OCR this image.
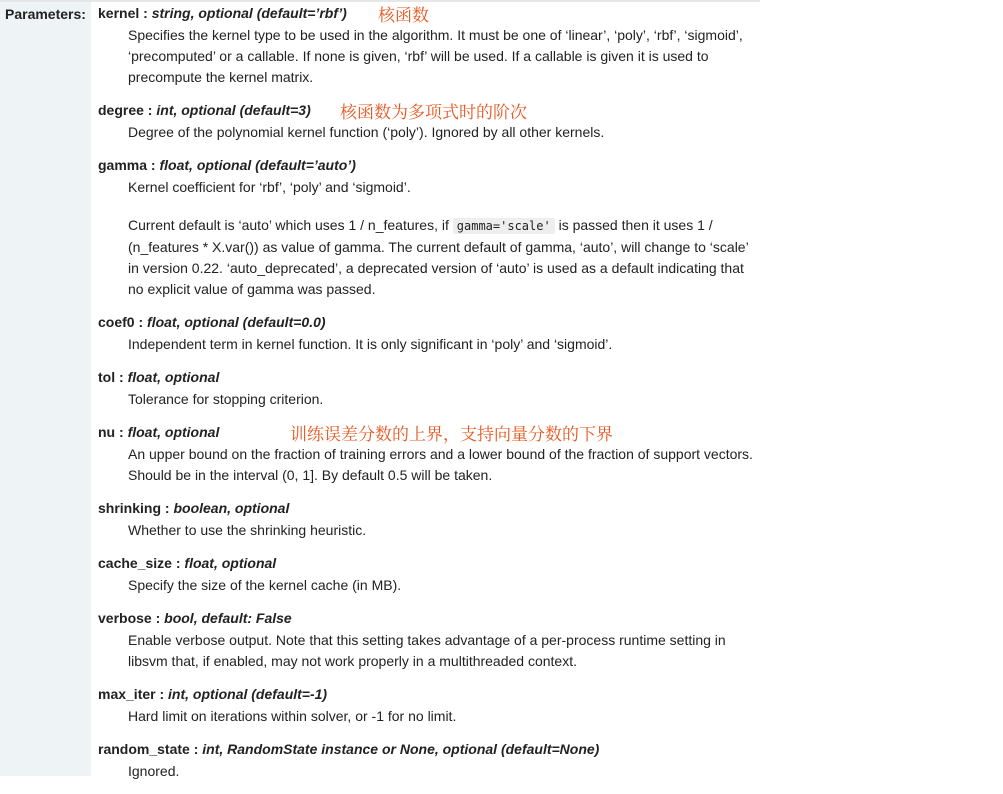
Parameters: kernel : string, optional (default=’rbf’)	核函数
Specifies the kernel type to be used in the algorithm. It must be one of ‘linear’, ‘poly’, ‘rbf’, ‘sigmoid’, ‘precomputed’ or a callable. If none is given, ‘rbf’ will be used. If a callable is given it is used to precompute the kernel matrix.
degree : int, optional (default=3)	核函数为多项式时的阶次
Degree of the polynomial kernel function (‘poly’). Ignored by all other kernels.
gamma : float, optional (default=’auto’)
Kernel coefficient for ‘rbf’, ‘poly’ and ‘sigmoid’.
Current default is ‘auto’ which uses 1 / n_features, if gamma='scale' is passed then it uses 1 / (n_features * X.var()) as value of gamma. The current default of gamma, ‘auto’, will change to ‘scale’ in version 0.22. ‘auto_deprecated’, a deprecated version of ‘auto’ is used as a default indicating that no explicit value of gamma was passed.
coef0 : float, optional (default=0.0)
Independent term in kernel function. It is only significant in ‘poly’ and ‘sigmoid’.
tol : float, optional
Tolerance for stopping criterion.
nu : float, optional	训练误差分数的上界，支持向量分数的下界
An upper bound on the fraction of training errors and a lower bound of the fraction of support vectors. Should be in the interval (0, 1]. By default 0.5 will be taken.
shrinking : boolean, optional
Whether to use the shrinking heuristic.
cache_size : float, optional
Specify the size of the kernel cache (in MB).
verbose : bool, default: False
Enable verbose output. Note that this setting takes advantage of a per-process runtime setting in libsvm that, if enabled, may not work properly in a multithreaded context.
max_iter : int, optional (default=-1)
Hard limit on iterations within solver, or -1 for no limit.
random_state : int, RandomState instance or None, optional (default=None)
Ignored.
